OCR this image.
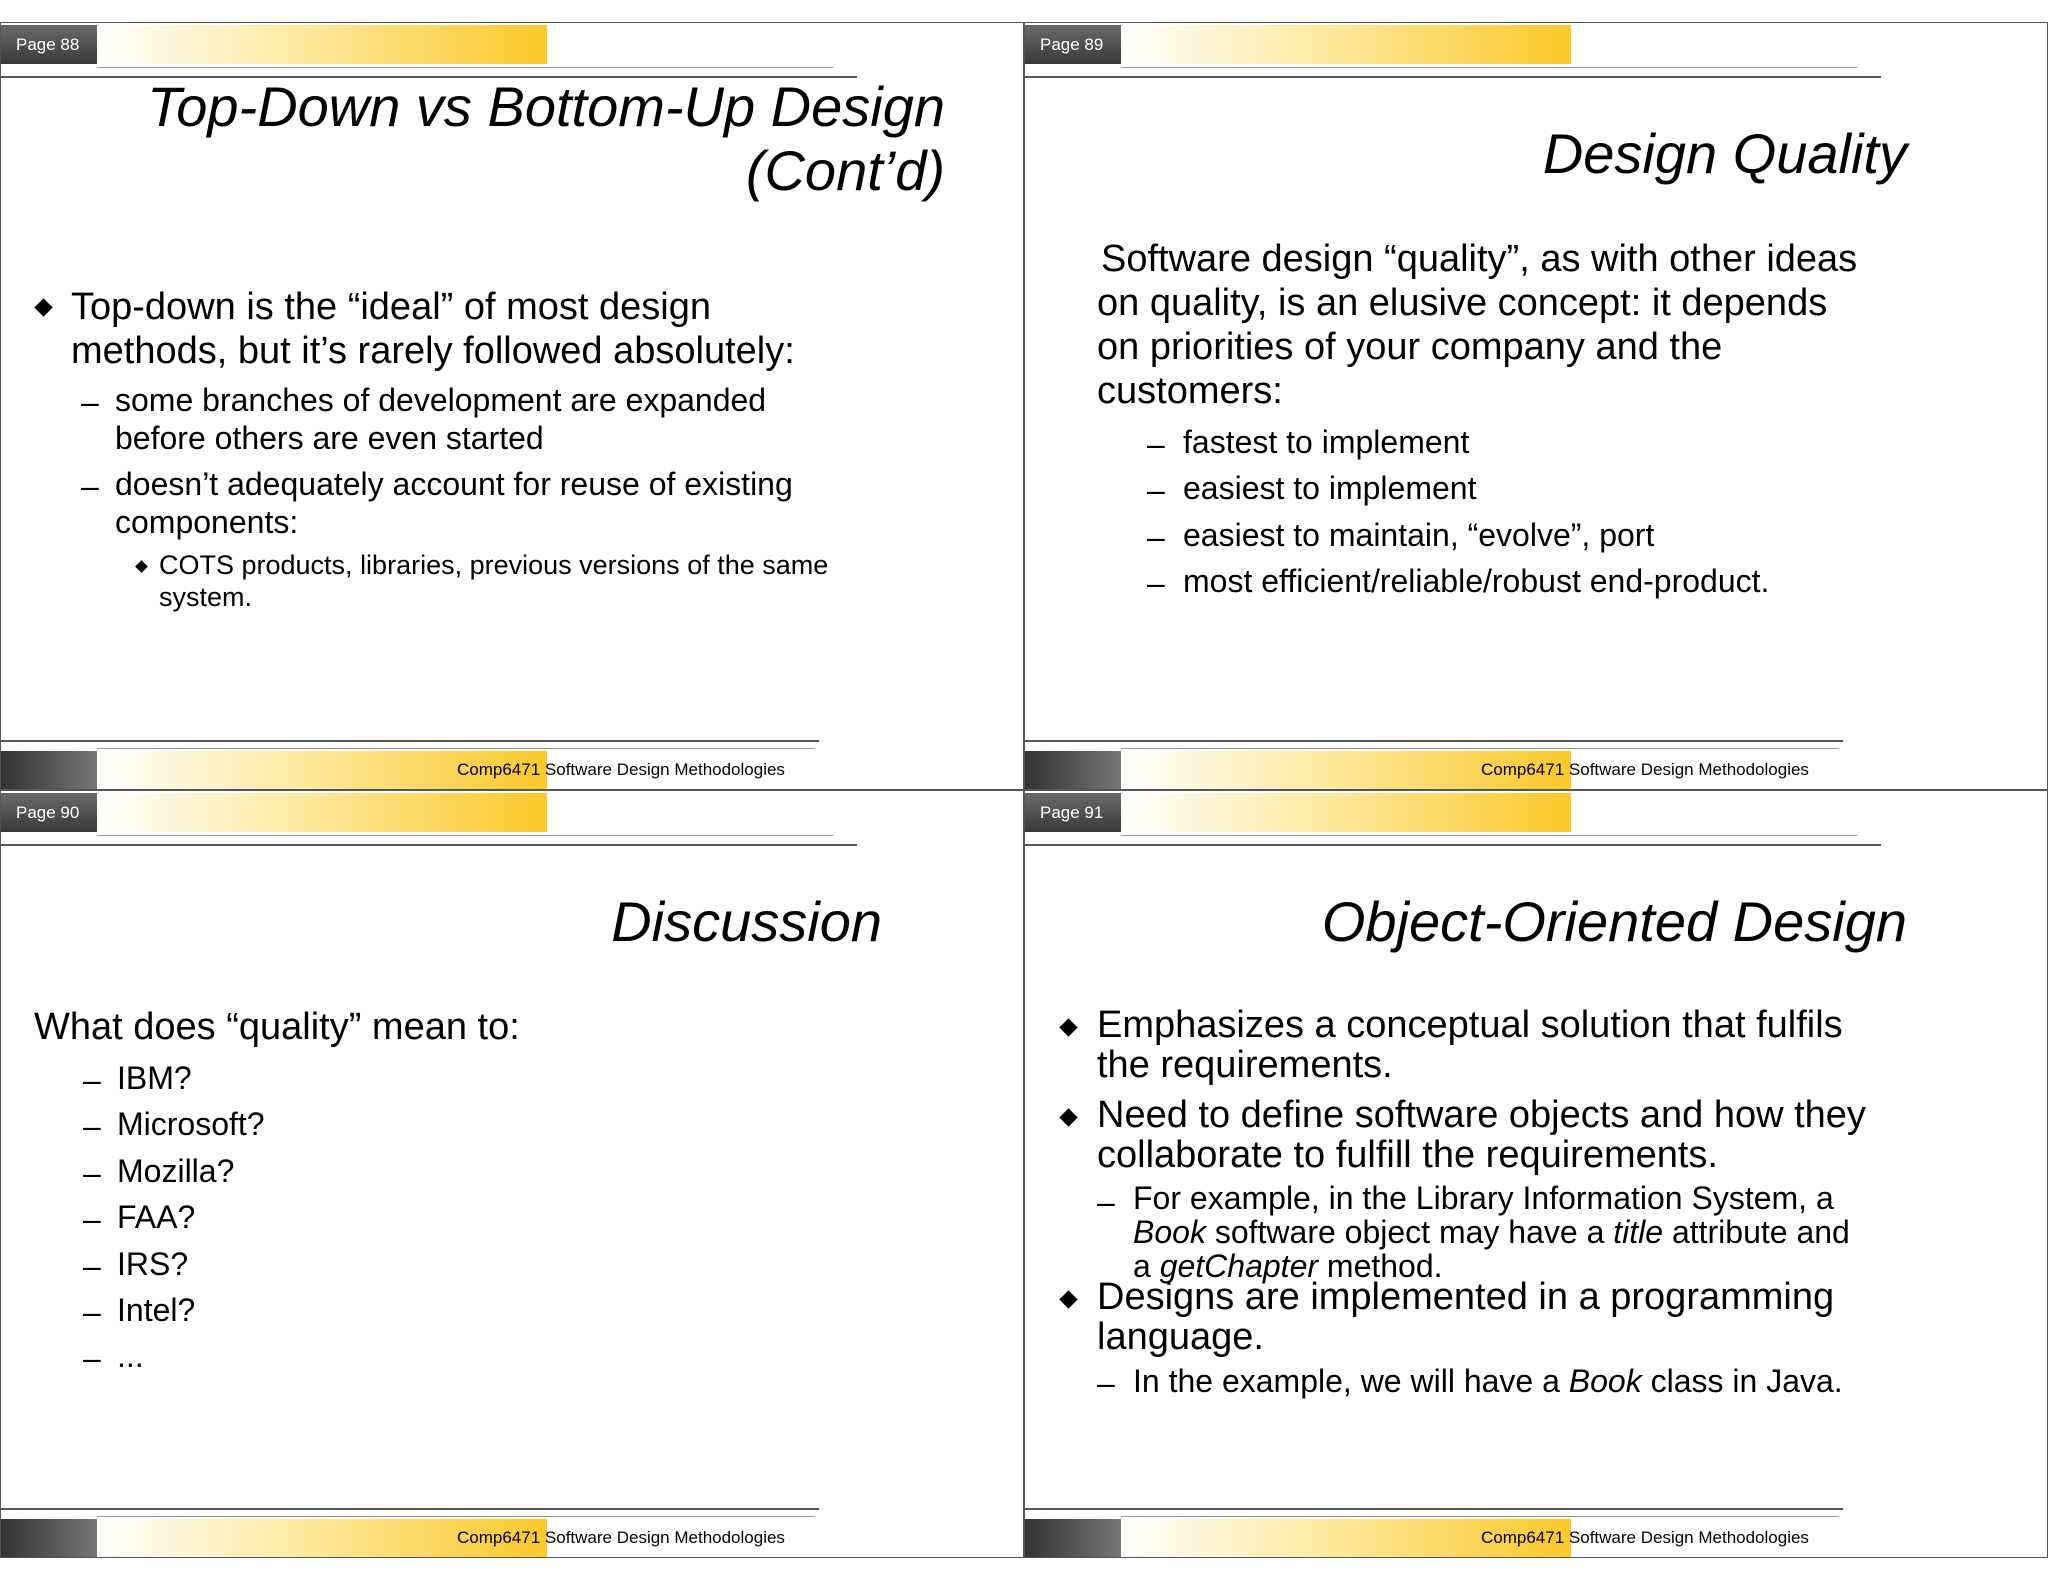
Page 88
Top-Down vs Bottom-Up Design
(Cont’d)
Top-down is the “ideal” of most design
methods, but it’s rarely followed absolutely:
– some branches of development are expanded
before others are even started
– doesn’t adequately account for reuse of existing
components:
COTS products, libraries, previous versions of the same
system.
Comp6471 Software Design Methodologies
Page 89
Design Quality
Software design “quality”, as with other ideas
on quality, is an elusive concept: it depends
on priorities of your company and the
customers:
– fastest to implement
– easiest to implement
– easiest to maintain, “evolve”, port
– most efficient/reliable/robust end-product.
Comp6471 Software Design Methodologies
Page 90
Discussion
What does “quality” mean to:
– IBM?
– Microsoft?
– Mozilla?
– FAA?
– IRS?
– Intel?
– ...
Comp6471 Software Design Methodologies
Page 91
Object-Oriented Design
Emphasizes a conceptual solution that fulfils
the requirements.
Need to define software objects and how they
collaborate to fulfill the requirements.
– For example, in the Library Information System, a
Book software object may have a title attribute and
a getChapter method.
Designs are implemented in a programming
language.
– In the example, we will have a Book class in Java.
Comp6471 Software Design Methodologies
